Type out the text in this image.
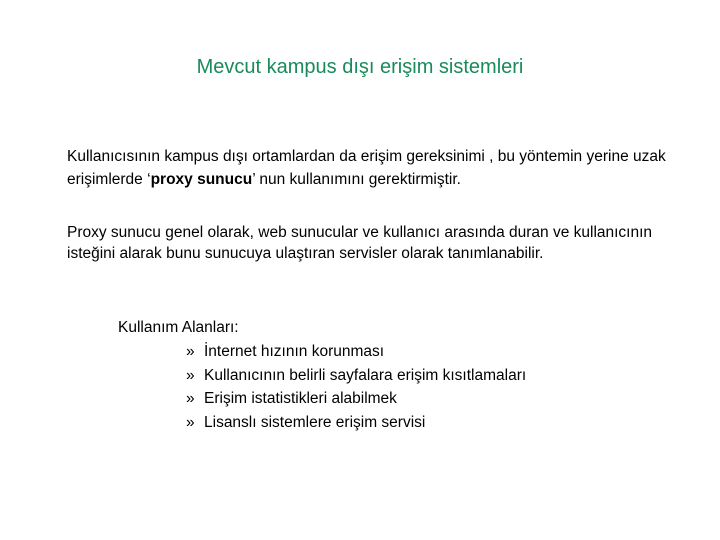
Mevcut kampus dışı erişim sistemleri

Kullanıcısının kampus dışı ortamlardan da erişim gereksinimi , bu yöntemin yerine uzak erişimlerde ‘proxy sunucu’ nun kullanımını gerektirmiştir.

Proxy sunucu genel olarak, web sunucular ve kullanıcı arasında duran ve kullanıcının isteğini alarak bunu sunucuya ulaştıran servisler olarak tanımlanabilir.

Kullanım Alanları:

» İnternet hızının korunması
» Kullanıcının belirli sayfalara erişim kısıtlamaları
» Erişim istatistikleri alabilmek
» Lisanslı sistemlere erişim servisi
